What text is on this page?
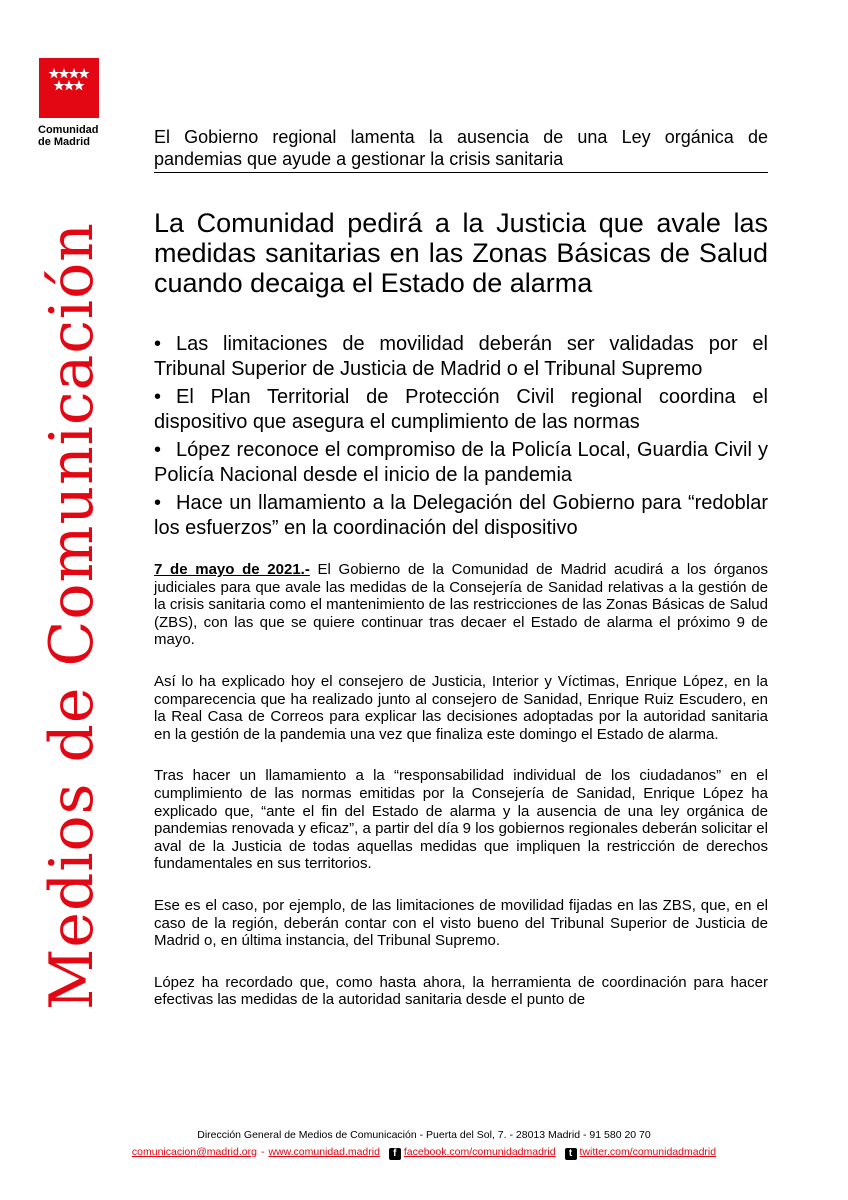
Comunidad
de Madrid
Medios de Comunicación
El Gobierno regional lamenta la ausencia de una Ley orgánica de pandemias que ayude a gestionar la crisis sanitaria
La Comunidad pedirá a la Justicia que avale las medidas sanitarias en las Zonas Básicas de Salud cuando decaiga el Estado de alarma
• Las limitaciones de movilidad deberán ser validadas por el Tribunal Superior de Justicia de Madrid o el Tribunal Supremo
• El Plan Territorial de Protección Civil regional coordina el dispositivo que asegura el cumplimiento de las normas
• López reconoce el compromiso de la Policía Local, Guardia Civil y Policía Nacional desde el inicio de la pandemia
• Hace un llamamiento a la Delegación del Gobierno para “redoblar los esfuerzos” en la coordinación del dispositivo

7 de mayo de 2021.- El Gobierno de la Comunidad de Madrid acudirá a los órganos judiciales para que avale las medidas de la Consejería de Sanidad relativas a la gestión de la crisis sanitaria como el mantenimiento de las restricciones de las Zonas Básicas de Salud (ZBS), con las que se quiere continuar tras decaer el Estado de alarma el próximo 9 de mayo.

Así lo ha explicado hoy el consejero de Justicia, Interior y Víctimas, Enrique López, en la comparecencia que ha realizado junto al consejero de Sanidad, Enrique Ruiz Escudero, en la Real Casa de Correos para explicar las decisiones adoptadas por la autoridad sanitaria en la gestión de la pandemia una vez que finaliza este domingo el Estado de alarma.

Tras hacer un llamamiento a la “responsabilidad individual de los ciudadanos” en el cumplimiento de las normas emitidas por la Consejería de Sanidad, Enrique López ha explicado que, “ante el fin del Estado de alarma y la ausencia de una ley orgánica de pandemias renovada y eficaz”, a partir del día 9 los gobiernos regionales deberán solicitar el aval de la Justicia de todas aquellas medidas que impliquen la restricción de derechos fundamentales en sus territorios.

Ese es el caso, por ejemplo, de las limitaciones de movilidad fijadas en las ZBS, que, en el caso de la región, deberán contar con el visto bueno del Tribunal Superior de Justicia de Madrid o, en última instancia, del Tribunal Supremo.

López ha recordado que, como hasta ahora, la herramienta de coordinación para hacer efectivas las medidas de la autoridad sanitaria desde el punto de

Dirección General de Medios de Comunicación - Puerta del Sol, 7. - 28013 Madrid - 91 580 20 70
comunicacion@madrid.org - www.comunidad.madrid f facebook.com/comunidadmadrid t twitter.com/comunidadmadrid
